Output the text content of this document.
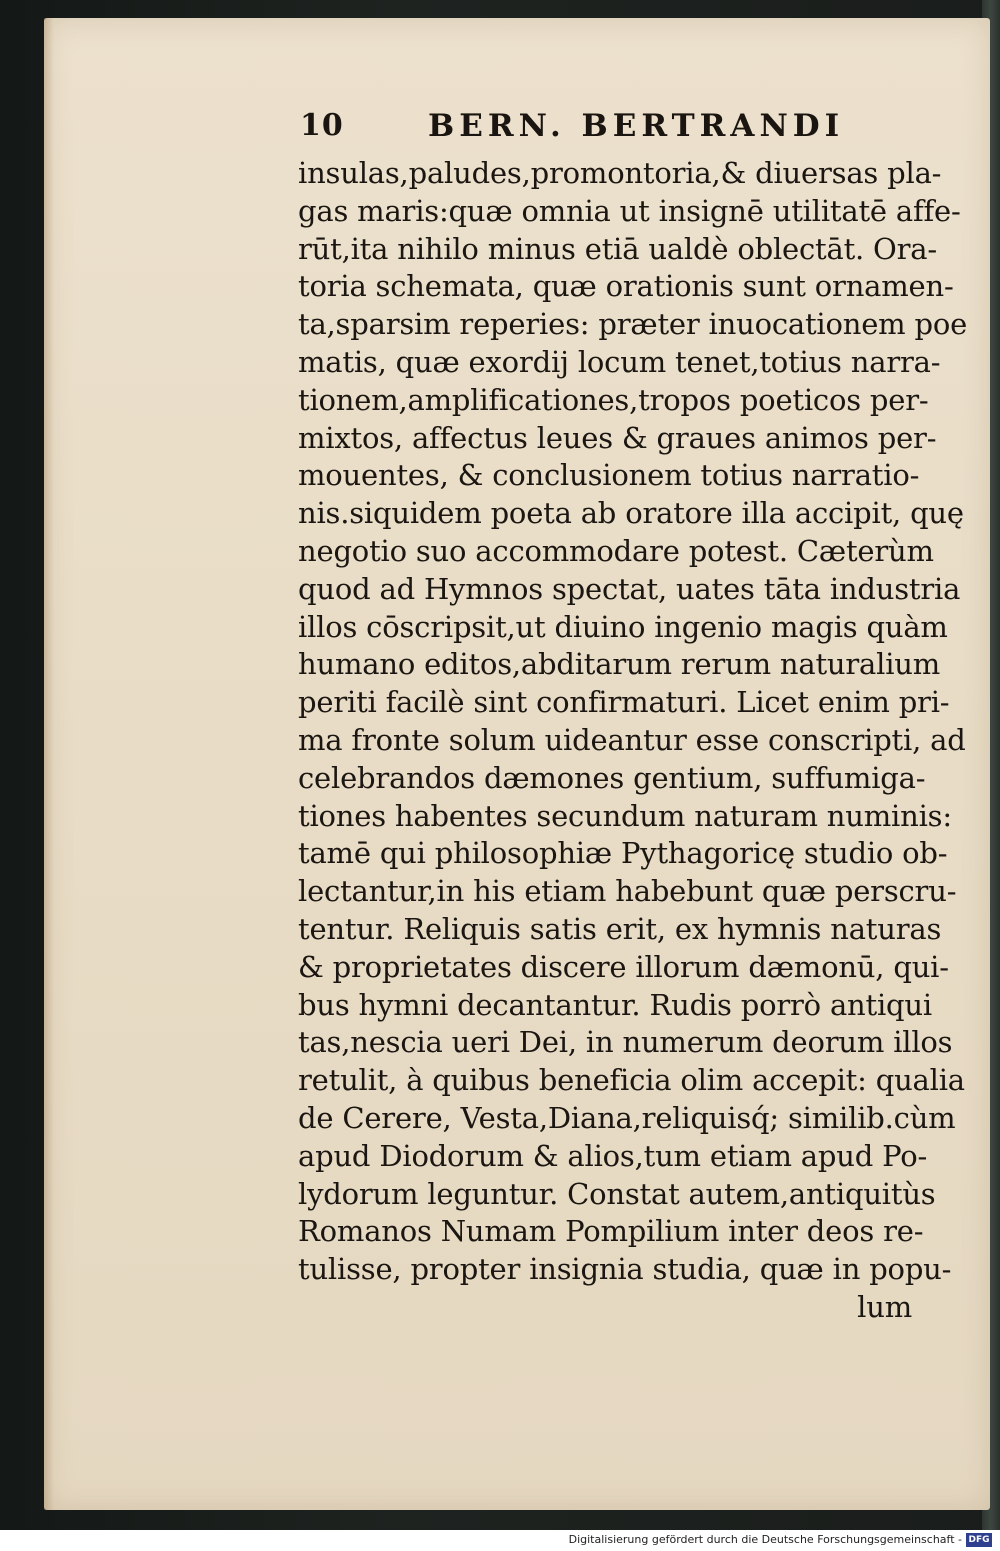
10	BERN. BERTRANDI
insulas,paludes,promontoria,& diuersas pla-
gas maris:quæ omnia ut insignē utilitatē affe-
rūt,ita nihilo minus etiā ualdè oblectāt. Ora-
toria schemata, quæ orationis sunt ornamen-
ta,sparsim reperies: præter inuocationem poe
matis, quæ exordij locum tenet,totius narra-
tionem,amplificationes,tropos poeticos per-
mixtos, affectus leues & graues animos per-
mouentes, & conclusionem totius narratio-
nis.siquidem poeta ab oratore illa accipit, quę
negotio suo accommodare potest. Cæterùm
quod ad Hymnos spectat, uates tāta industria
illos cōscripsit,ut diuino ingenio magis quàm
humano editos,abditarum rerum naturalium
periti facilè sint confirmaturi. Licet enim pri-
ma fronte solum uideantur esse conscripti, ad
celebrandos dæmones gentium, suffumiga-
tiones habentes secundum naturam numinis:
tamē qui philosophiæ Pythagoricę studio ob-
lectantur,in his etiam habebunt quæ perscru-
tentur. Reliquis satis erit, ex hymnis naturas
& proprietates discere illorum dæmonū, qui-
bus hymni decantantur. Rudis porrò antiqui
tas,nescia ueri Dei, in numerum deorum illos
retulit, à quibus beneficia olim accepit: qualia
de Cerere, Vesta,Diana,reliquisq́; similib.cùm
apud Diodorum & alios,tum etiam apud Po-
lydorum leguntur. Constat autem,antiquitùs
Romanos Numam Pompilium inter deos re-
tulisse, propter insignia studia, quæ in popu-
lum
Digitalisierung gefördert durch die Deutsche Forschungsgemeinschaft - DFG
